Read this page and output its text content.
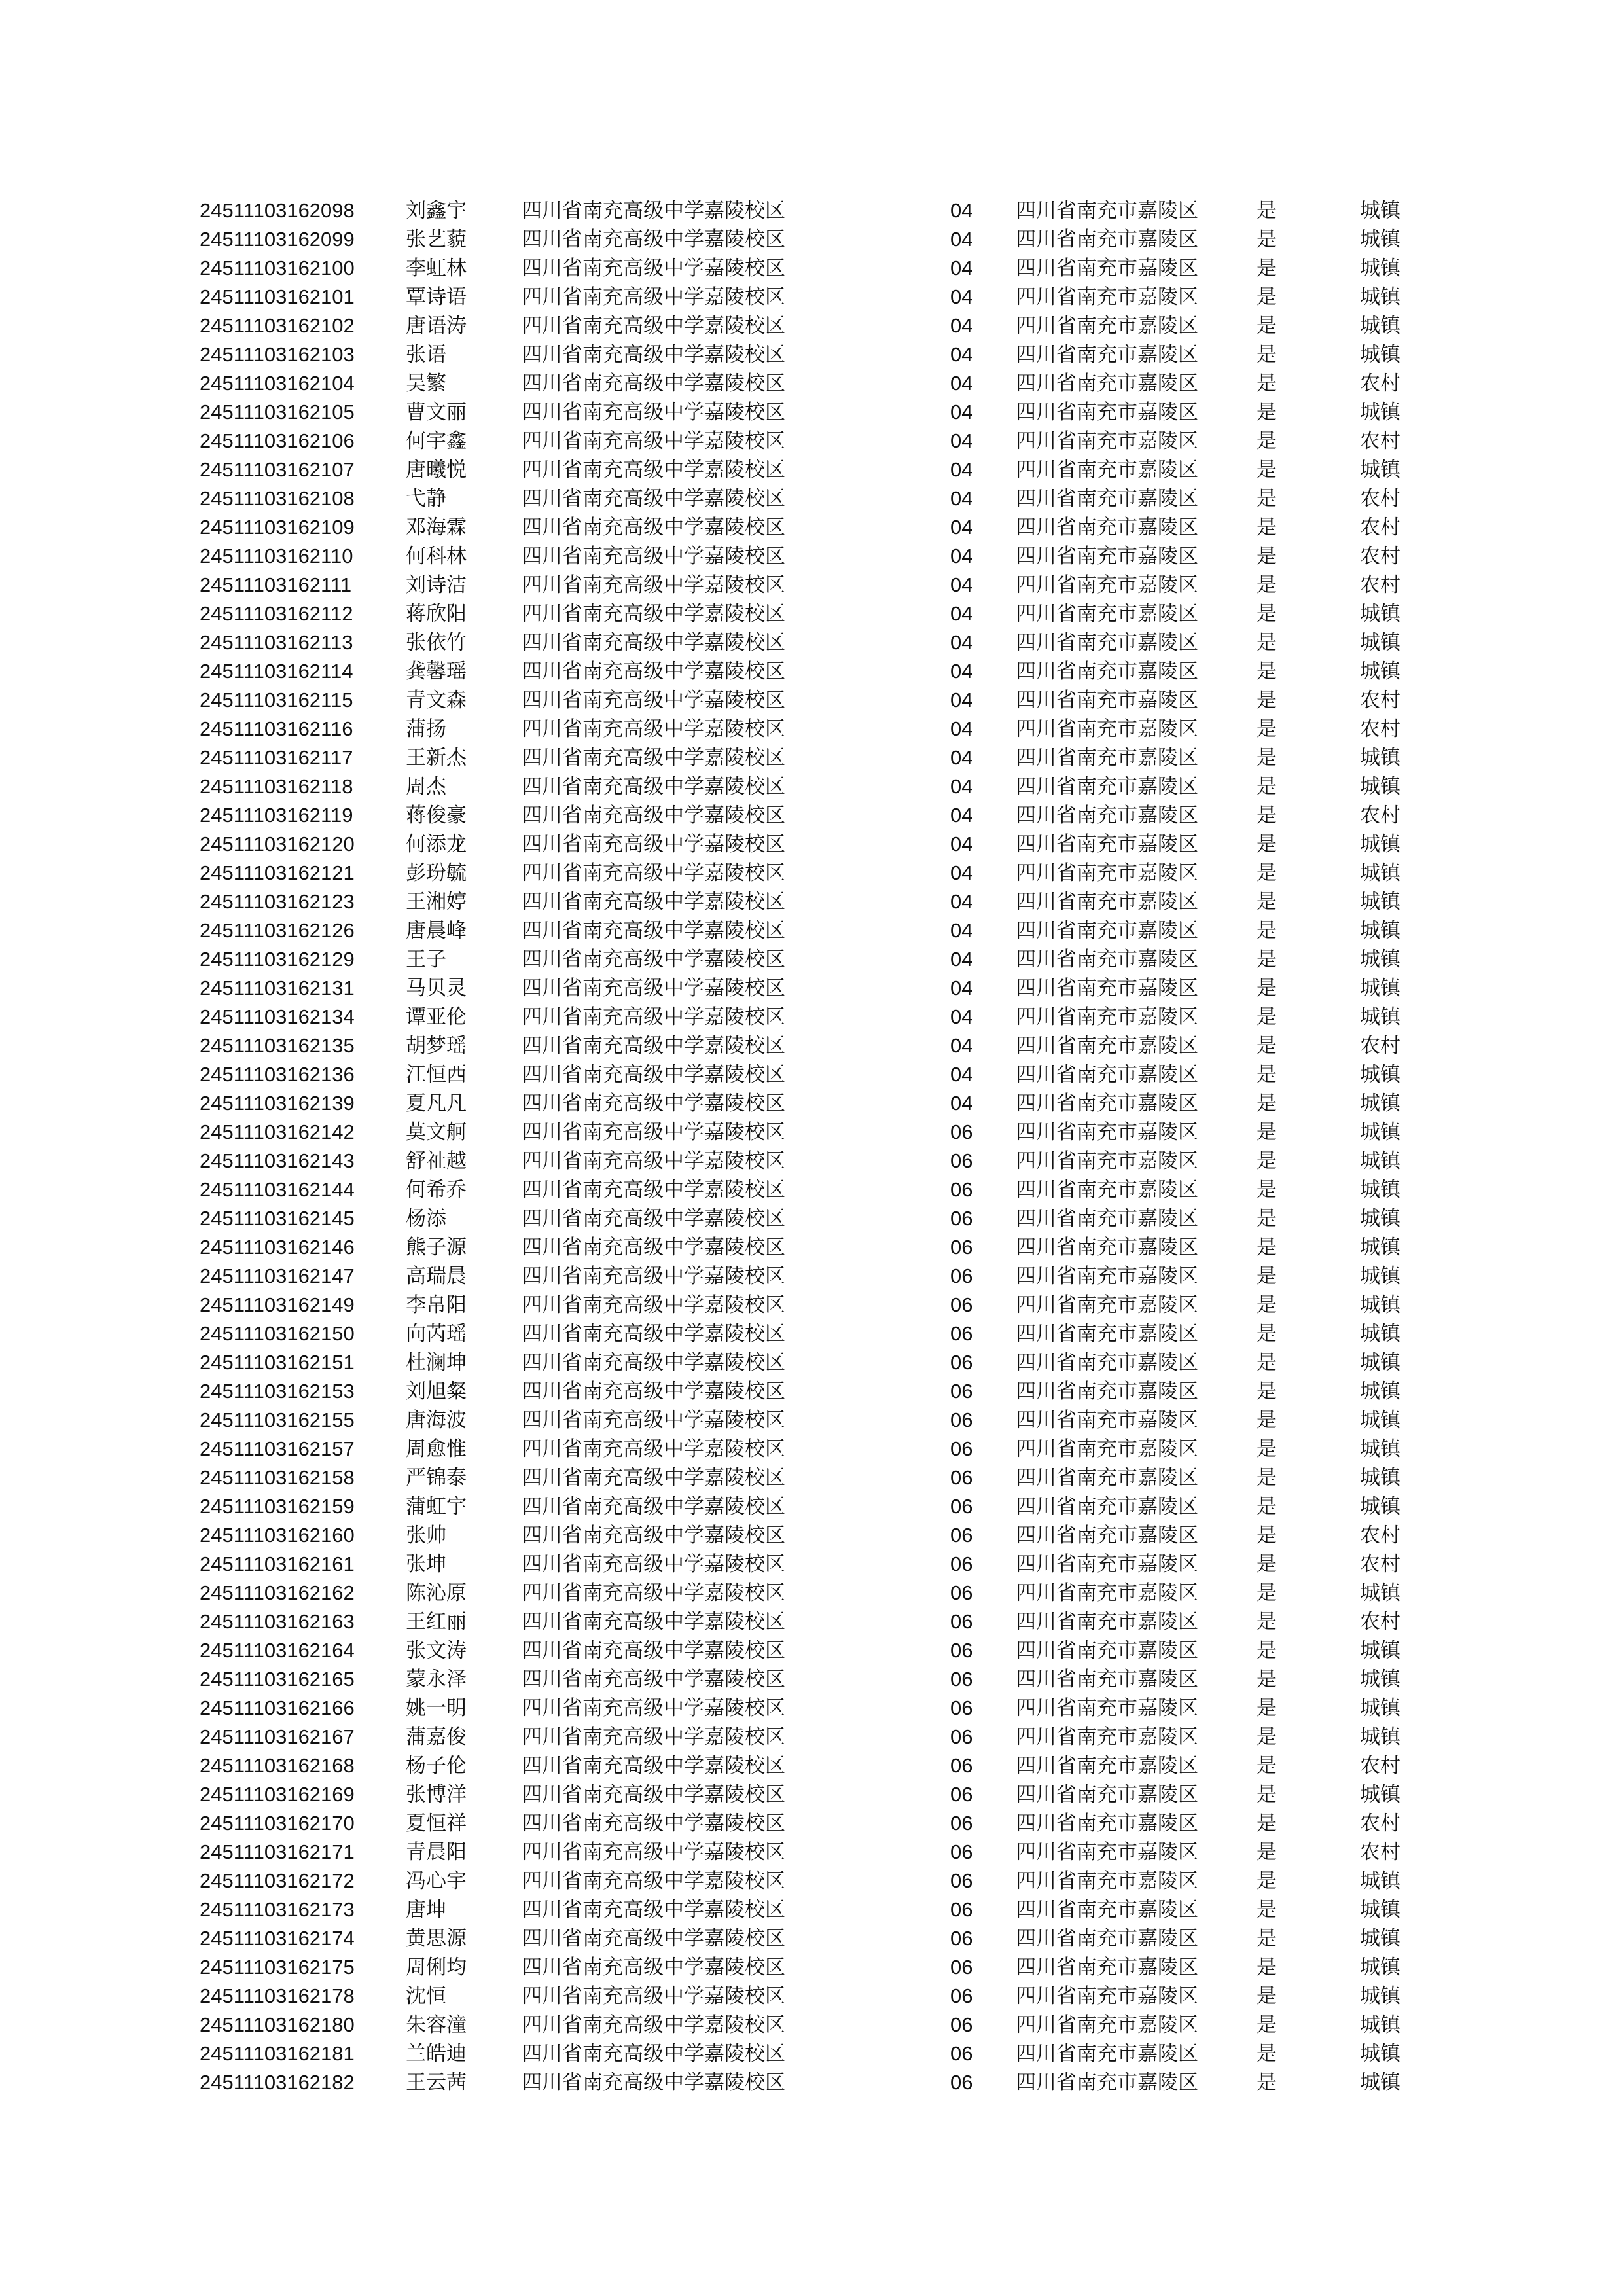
24511103162098	刘鑫宇	四川省南充高级中学嘉陵校区	04 四川省南充市嘉陵区	是	城镇
24511103162099	张艺藐	四川省南充高级中学嘉陵校区	04 四川省南充市嘉陵区	是	城镇
24511103162100	李虹林	四川省南充高级中学嘉陵校区	04 四川省南充市嘉陵区	是	城镇
24511103162101	覃诗语	四川省南充高级中学嘉陵校区	04 四川省南充市嘉陵区	是	城镇
24511103162102	唐语涛	四川省南充高级中学嘉陵校区	04 四川省南充市嘉陵区	是	城镇
24511103162103	张语	四川省南充高级中学嘉陵校区	04 四川省南充市嘉陵区	是	城镇
24511103162104	吴繁	四川省南充高级中学嘉陵校区	04 四川省南充市嘉陵区	是	农村
24511103162105	曹文丽	四川省南充高级中学嘉陵校区	04 四川省南充市嘉陵区	是	城镇
24511103162106	何宇鑫	四川省南充高级中学嘉陵校区	04 四川省南充市嘉陵区	是	农村
24511103162107	唐曦悦	四川省南充高级中学嘉陵校区	04 四川省南充市嘉陵区	是	城镇
24511103162108	弋静	四川省南充高级中学嘉陵校区	04 四川省南充市嘉陵区	是	农村
24511103162109	邓海霖	四川省南充高级中学嘉陵校区	04 四川省南充市嘉陵区	是	农村
24511103162110	何科林	四川省南充高级中学嘉陵校区	04 四川省南充市嘉陵区	是	农村
24511103162111	刘诗洁	四川省南充高级中学嘉陵校区	04 四川省南充市嘉陵区	是	农村
24511103162112	蒋欣阳	四川省南充高级中学嘉陵校区	04 四川省南充市嘉陵区	是	城镇
24511103162113	张依竹	四川省南充高级中学嘉陵校区	04 四川省南充市嘉陵区	是	城镇
24511103162114	龚馨瑶	四川省南充高级中学嘉陵校区	04 四川省南充市嘉陵区	是	城镇
24511103162115	青文森	四川省南充高级中学嘉陵校区	04 四川省南充市嘉陵区	是	农村
24511103162116	蒲扬	四川省南充高级中学嘉陵校区	04 四川省南充市嘉陵区	是	农村
24511103162117	王新杰	四川省南充高级中学嘉陵校区	04 四川省南充市嘉陵区	是	城镇
24511103162118	周杰	四川省南充高级中学嘉陵校区	04 四川省南充市嘉陵区	是	城镇
24511103162119	蒋俊豪	四川省南充高级中学嘉陵校区	04 四川省南充市嘉陵区	是	农村
24511103162120	何添龙	四川省南充高级中学嘉陵校区	04 四川省南充市嘉陵区	是	城镇
24511103162121	彭玢毓	四川省南充高级中学嘉陵校区	04 四川省南充市嘉陵区	是	城镇
24511103162123	王湘婷	四川省南充高级中学嘉陵校区	04 四川省南充市嘉陵区	是	城镇
24511103162126	唐晨峰	四川省南充高级中学嘉陵校区	04 四川省南充市嘉陵区	是	城镇
24511103162129	王子	四川省南充高级中学嘉陵校区	04 四川省南充市嘉陵区	是	城镇
24511103162131	马贝灵	四川省南充高级中学嘉陵校区	04 四川省南充市嘉陵区	是	城镇
24511103162134	谭亚伦	四川省南充高级中学嘉陵校区	04 四川省南充市嘉陵区	是	城镇
24511103162135	胡梦瑶	四川省南充高级中学嘉陵校区	04 四川省南充市嘉陵区	是	农村
24511103162136	江恒西	四川省南充高级中学嘉陵校区	04 四川省南充市嘉陵区	是	城镇
24511103162139	夏凡凡	四川省南充高级中学嘉陵校区	04 四川省南充市嘉陵区	是	城镇
24511103162142	莫文舸	四川省南充高级中学嘉陵校区	06 四川省南充市嘉陵区	是	城镇
24511103162143	舒祉越	四川省南充高级中学嘉陵校区	06 四川省南充市嘉陵区	是	城镇
24511103162144	何希乔	四川省南充高级中学嘉陵校区	06 四川省南充市嘉陵区	是	城镇
24511103162145	杨添	四川省南充高级中学嘉陵校区	06 四川省南充市嘉陵区	是	城镇
24511103162146	熊子源	四川省南充高级中学嘉陵校区	06 四川省南充市嘉陵区	是	城镇
24511103162147	高瑞晨	四川省南充高级中学嘉陵校区	06 四川省南充市嘉陵区	是	城镇
24511103162149	李帛阳	四川省南充高级中学嘉陵校区	06 四川省南充市嘉陵区	是	城镇
24511103162150	向芮瑶	四川省南充高级中学嘉陵校区	06 四川省南充市嘉陵区	是	城镇
24511103162151	杜澜坤	四川省南充高级中学嘉陵校区	06 四川省南充市嘉陵区	是	城镇
24511103162153	刘旭粲	四川省南充高级中学嘉陵校区	06 四川省南充市嘉陵区	是	城镇
24511103162155	唐海波	四川省南充高级中学嘉陵校区	06 四川省南充市嘉陵区	是	城镇
24511103162157	周愈惟	四川省南充高级中学嘉陵校区	06 四川省南充市嘉陵区	是	城镇
24511103162158	严锦泰	四川省南充高级中学嘉陵校区	06 四川省南充市嘉陵区	是	城镇
24511103162159	蒲虹宇	四川省南充高级中学嘉陵校区	06 四川省南充市嘉陵区	是	城镇
24511103162160	张帅	四川省南充高级中学嘉陵校区	06 四川省南充市嘉陵区	是	农村
24511103162161	张坤	四川省南充高级中学嘉陵校区	06 四川省南充市嘉陵区	是	农村
24511103162162	陈沁原	四川省南充高级中学嘉陵校区	06 四川省南充市嘉陵区	是	城镇
24511103162163	王红丽	四川省南充高级中学嘉陵校区	06 四川省南充市嘉陵区	是	农村
24511103162164	张文涛	四川省南充高级中学嘉陵校区	06 四川省南充市嘉陵区	是	城镇
24511103162165	蒙永泽	四川省南充高级中学嘉陵校区	06 四川省南充市嘉陵区	是	城镇
24511103162166	姚一明	四川省南充高级中学嘉陵校区	06 四川省南充市嘉陵区	是	城镇
24511103162167	蒲嘉俊	四川省南充高级中学嘉陵校区	06 四川省南充市嘉陵区	是	城镇
24511103162168	杨子伦	四川省南充高级中学嘉陵校区	06 四川省南充市嘉陵区	是	农村
24511103162169	张博洋	四川省南充高级中学嘉陵校区	06 四川省南充市嘉陵区	是	城镇
24511103162170	夏恒祥	四川省南充高级中学嘉陵校区	06 四川省南充市嘉陵区	是	农村
24511103162171	青晨阳	四川省南充高级中学嘉陵校区	06 四川省南充市嘉陵区	是	农村
24511103162172	冯心宇	四川省南充高级中学嘉陵校区	06 四川省南充市嘉陵区	是	城镇
24511103162173	唐坤	四川省南充高级中学嘉陵校区	06 四川省南充市嘉陵区	是	城镇
24511103162174	黄思源	四川省南充高级中学嘉陵校区	06 四川省南充市嘉陵区	是	城镇
24511103162175	周俐均	四川省南充高级中学嘉陵校区	06 四川省南充市嘉陵区	是	城镇
24511103162178	沈恒	四川省南充高级中学嘉陵校区	06 四川省南充市嘉陵区	是	城镇
24511103162180	朱容潼	四川省南充高级中学嘉陵校区	06 四川省南充市嘉陵区	是	城镇
24511103162181	兰皓迪	四川省南充高级中学嘉陵校区	06 四川省南充市嘉陵区	是	城镇
24511103162182	王云茜	四川省南充高级中学嘉陵校区	06 四川省南充市嘉陵区	是	城镇
